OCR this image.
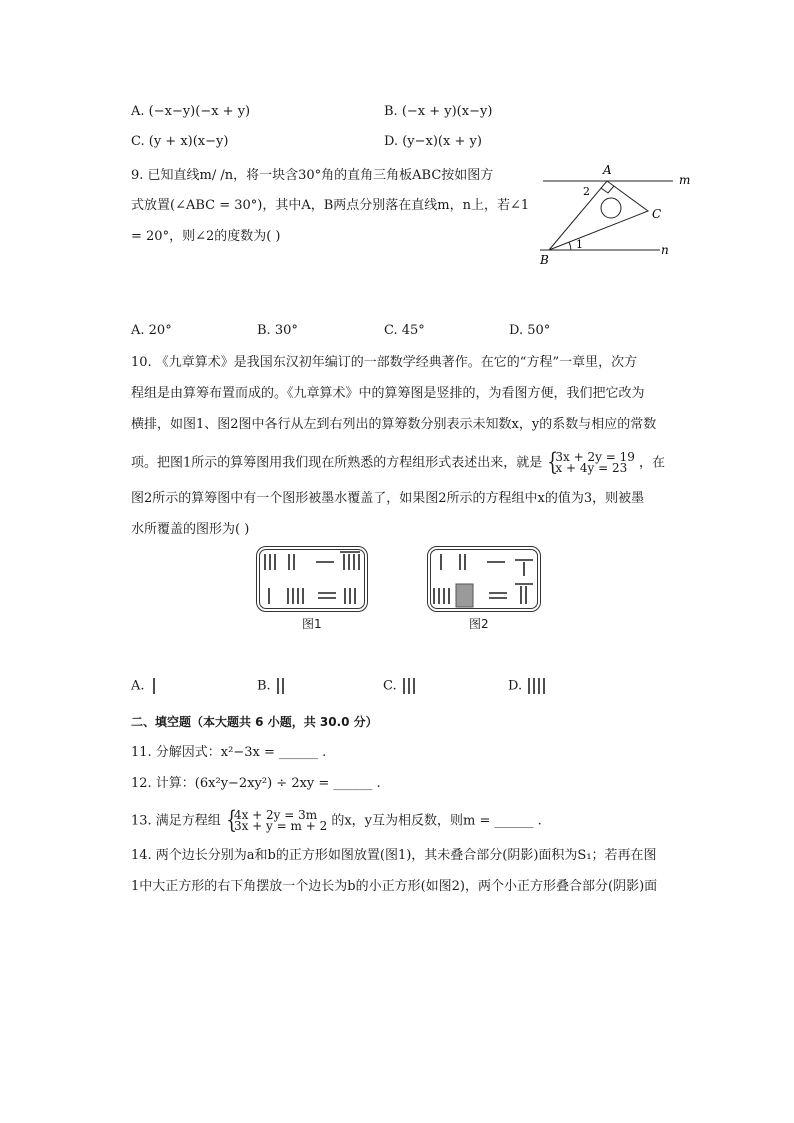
A. (−x−y)(−x + y)	B. (−x + y)(x−y)
C. (y + x)(x−y)	D. (y−x)(x + y)
9. 已知直线m/ /n，将一块含30°角的直角三角板ABC按如图方
式放置(∠ABC = 30°)，其中A，B两点分别落在直线m，n上，若∠1
= 20°，则∠2的度数为( )
A
B
C
m
n
1
2
A. 20°	B. 30°	C. 45°	D. 50°
10. 《九章算术》是我国东汉初年编订的一部数学经典著作。在它的“方程”一章里，次方
程组是由算筹布置而成的。《九章算术》中的算筹图是竖排的，为看图方便，我们把它改为
横排，如图1、图2图中各行从左到右列出的算筹数分别表示未知数x，y的系数与相应的常数
项。把图1所示的算筹图用我们现在所熟悉的方程组形式表述出来，就是 { 3x + 2y = 19
x + 4y = 23 ，在
图2所示的算筹图中有一个图形被墨水覆盖了，如果图2所示的方程组中x的值为3，则被墨
水所覆盖的图形为( )
图1	图2
A.	B.	C.	D.
二、填空题（本大题共 6 小题，共 30.0 分）
11. 分解因式：x²−3x = ______ .
12. 计算：(6x²y−2xy²) ÷ 2xy = ______ .
13. 满足方程组 { 4x + 2y = 3m
3x + y = m + 2 的x，y互为相反数，则m = ______ .
14. 两个边长分别为a和b的正方形如图放置(图1)，其未叠合部分(阴影)面积为S₁；若再在图
1中大正方形的右下角摆放一个边长为b的小正方形(如图2)，两个小正方形叠合部分(阴影)面
